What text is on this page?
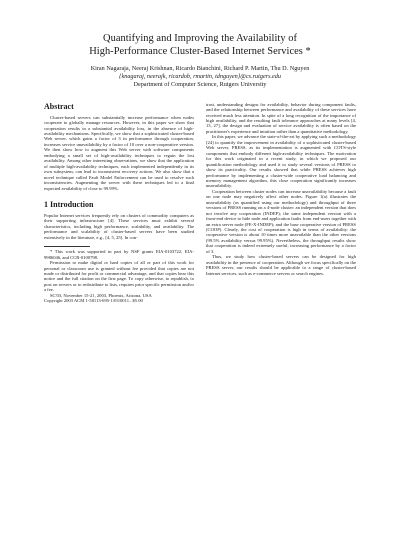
Quantifying and Improving the Availability of
High-Performance Cluster-Based Internet Services *
Kiran Nagaraja, Neeraj Krishnan, Ricardo Bianchini, Richard P. Martin, Thu D. Nguyen
{knagaraj, neerajk, ricardob, rmartin, tdnguyen}@cs.rutgers.edu
Department of Computer Science, Rutgers University
Abstract

Cluster-based servers can substantially increase performance when nodes cooperate to globally manage resources. However, in this paper we show that cooperation results in a substantial availability loss, in the absence of high-availability mechanisms. Specifically, we show that a sophisticated cluster-based Web server, which gains a factor of 3 in performance through cooperation, increases service unavailability by a factor of 10 over a non-cooperative version. We then show how to augment this Web server with software components embodying a small set of high-availability techniques to regain the lost availability. Among other interesting observations, we show that the application of multiple high-availability techniques, each implemented independently in its own subsystem, can lead to inconsistent recovery actions. We also show that a novel technique called Fault Model Enforcement can be used to resolve such inconsistencies. Augmenting the server with these techniques led to a final expected availability of close to 99.99%.

1 Introduction

Popular Internet services frequently rely on clusters of commodity computers as their supporting infrastructure [4]. These services must exhibit several characteristics, including high performance, scalability, and availability. The performance and scalability of cluster-based servers have been studied extensively in the literature, e.g., [4, 5, 25]. In con-

* This work was supported in part by NSF grants EIA-0103722, EIA-9986046, and CCR-0100798.

Permission to make digital or hard copies of all or part of this work for personal or classroom use is granted without fee provided that copies are not made or distributed for profit or commercial advantage, and that copies bear this notice and the full citation on the first page. To copy otherwise, to republish, to post on servers or to redistribute to lists, requires prior specific permission and/or a fee.

SC'03, November 15-21, 2003, Phoenix, Arizona, USA
Copyright 2003 ACM 1-58113-695-1/03/0011...$5.00

trast, understanding designs for availability, behavior during component faults, and the relationship between performance and availability of these services have received much less attention. In spite of a long recognition of the importance of high availability, and the resulting fault tolerance approaches at many levels [4, 13, 27], the design and evaluation of service availability is often based on the practitioner's experience and intuition rather than a quantitative methodology.

In this paper, we advance the state-of-the-art by applying such a methodology [24] to quantify the improvement in availability of a sophisticated cluster-based Web server, PRESS, as its implementation is augmented with COTS-style components that embody different high-availability techniques. The motivation for this work originated in a recent study, in which we proposed our quantification methodology and used it to study several versions of PRESS to show its practicality. Our results showed that while PRESS achieves high performance by implementing a cluster-wide cooperative load balancing and memory management algorithm, this close cooperation significantly increases unavailability.

Cooperation between cluster nodes can increase unavailability because a fault on one node may negatively affect other nodes. Figure 1(a) illustrates the unavailability (as quantified using our methodology) and throughput of three versions of PRESS running on a 4-node cluster: an independent version that does not involve any cooperation (INDEP); the same independent version with a front-end device to hide node and application faults from end-users together with an extra server node (FE-X-INDEP); and the base cooperative version of PRESS (COOP). Clearly, the cost of cooperation is high in terms of availability: the cooperative version is about 10 times more unavailable than the other versions (99.5% availability versus 99.95%). Nevertheless, the throughput results show that cooperation is indeed extremely useful, increasing performance by a factor of 3.

Thus, we study how cluster-based servers can be designed for high availability in the presence of cooperation. Although we focus specifically on the PRESS server, our results should be applicable to a range of cluster-based Internet services, such as e-commerce servers or search engines.
